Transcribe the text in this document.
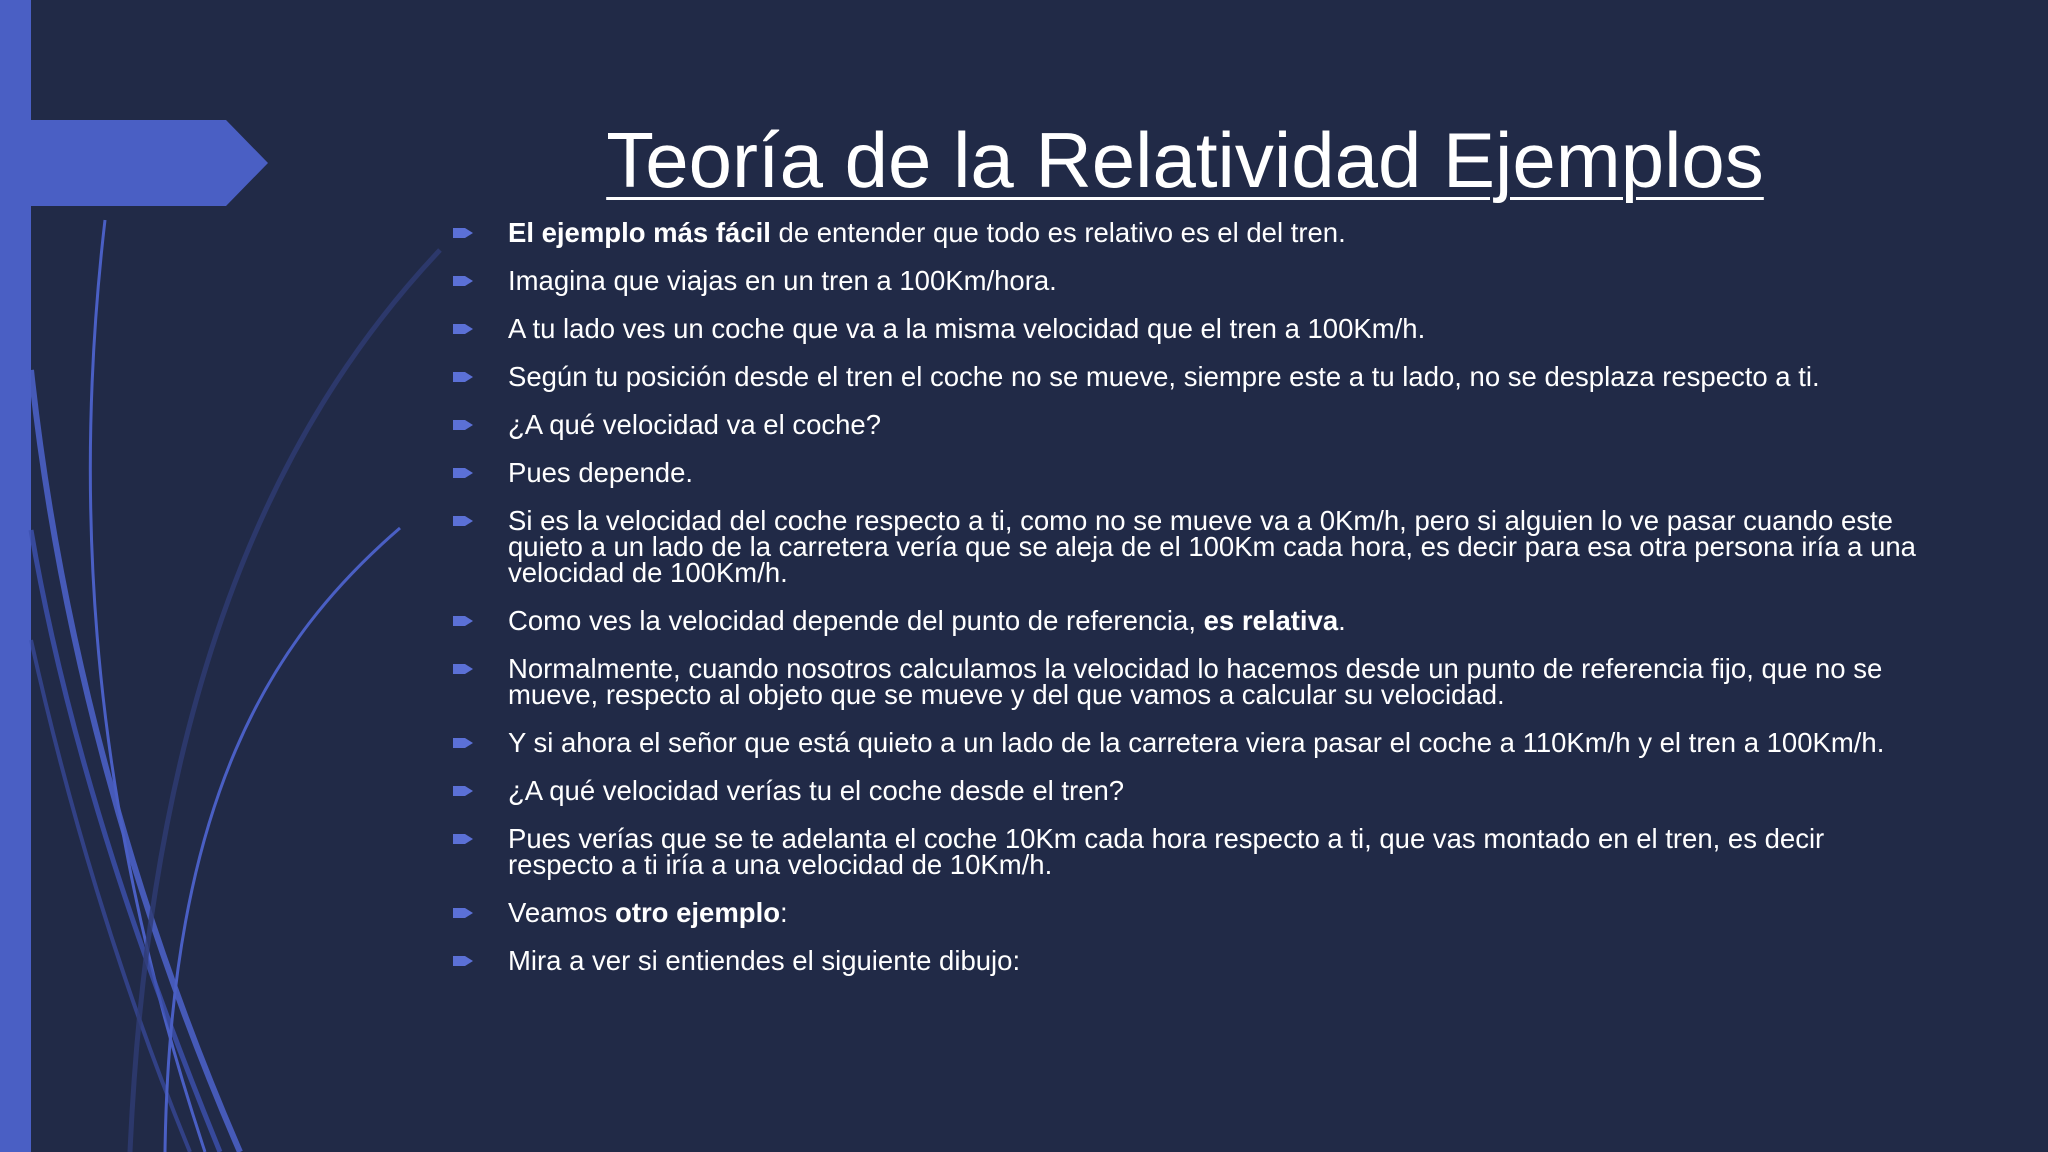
Teoría de la Relatividad Ejemplos
El ejemplo más fácil de entender que todo es relativo es el del tren.
Imagina que viajas en un tren a 100Km/hora.
A tu lado ves un coche que va a la misma velocidad que el tren a 100Km/h.
Según tu posición desde el tren el coche no se mueve, siempre este a tu lado, no se desplaza respecto a ti.
¿A qué velocidad va el coche?
Pues depende.
Si es la velocidad del coche respecto a ti, como no se mueve va a 0Km/h, pero si alguien lo ve pasar cuando este quieto a un lado de la carretera vería que se aleja de el 100Km cada hora, es decir para esa otra persona iría a una velocidad de 100Km/h.
Como ves la velocidad depende del punto de referencia, es relativa.
Normalmente, cuando nosotros calculamos la velocidad lo hacemos desde un punto de referencia fijo, que no se mueve, respecto al objeto que se mueve y del que vamos a calcular su velocidad.
Y si ahora el señor que está quieto a un lado de la carretera viera pasar el coche a 110Km/h y el tren a 100Km/h.
¿A qué velocidad verías tu el coche desde el tren?
Pues verías que se te adelanta el coche 10Km cada hora respecto a ti, que vas montado en el tren, es decir respecto a ti iría a una velocidad de 10Km/h.
Veamos otro ejemplo:
Mira a ver si entiendes el siguiente dibujo:
